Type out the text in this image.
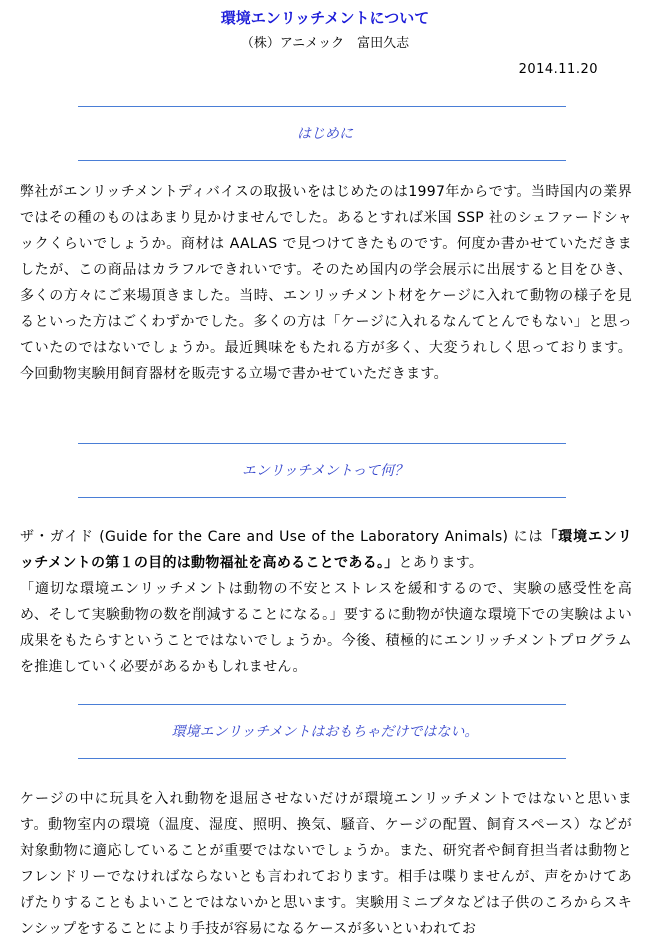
環境エンリッチメントについて
（株）アニメック　富田久志
2014.11.20
はじめに

弊社がエンリッチメントディバイスの取扱いをはじめたのは1997年からです。当時国内の業界ではその種のものはあまり見かけませんでした。あるとすれば米国 SSP 社のシェファードシャックくらいでしょうか。商材は AALAS で見つけてきたものです。何度か書かせていただきましたが、この商品はカラフルできれいです。そのため国内の学会展示に出展すると目をひき、多くの方々にご来場頂きました。当時、エンリッチメント材をケージに入れて動物の様子を見るといった方はごくわずかでした。多くの方は「ケージに入れるなんてとんでもない」と思っていたのではないでしょうか。最近興味をもたれる方が多く、大変うれしく思っております。今回動物実験用飼育器材を販売する立場で書かせていただきます。

エンリッチメントって何？

ザ・ガイド (Guide for the Care and Use of the Laboratory Animals) には「環境エンリッチメントの第１の目的は動物福祉を高めることである。」とあります。

「適切な環境エンリッチメントは動物の不安とストレスを緩和するので、実験の感受性を高め、そして実験動物の数を削減することになる。」要するに動物が快適な環境下での実験はよい成果をもたらすということではないでしょうか。今後、積極的にエンリッチメントプログラムを推進していく必要があるかもしれません。

環境エンリッチメントはおもちゃだけではない。

ケージの中に玩具を入れ動物を退屈させないだけが環境エンリッチメントではないと思います。動物室内の環境（温度、湿度、照明、換気、騒音、ケージの配置、飼育スペース）などが対象動物に適応していることが重要ではないでしょうか。また、研究者や飼育担当者は動物とフレンドリーでなければならないとも言われております。相手は喋りませんが、声をかけてあげたりすることもよいことではないかと思います。実験用ミニブタなどは子供のころからスキンシップをすることにより手技が容易になるケースが多いといわれてお
